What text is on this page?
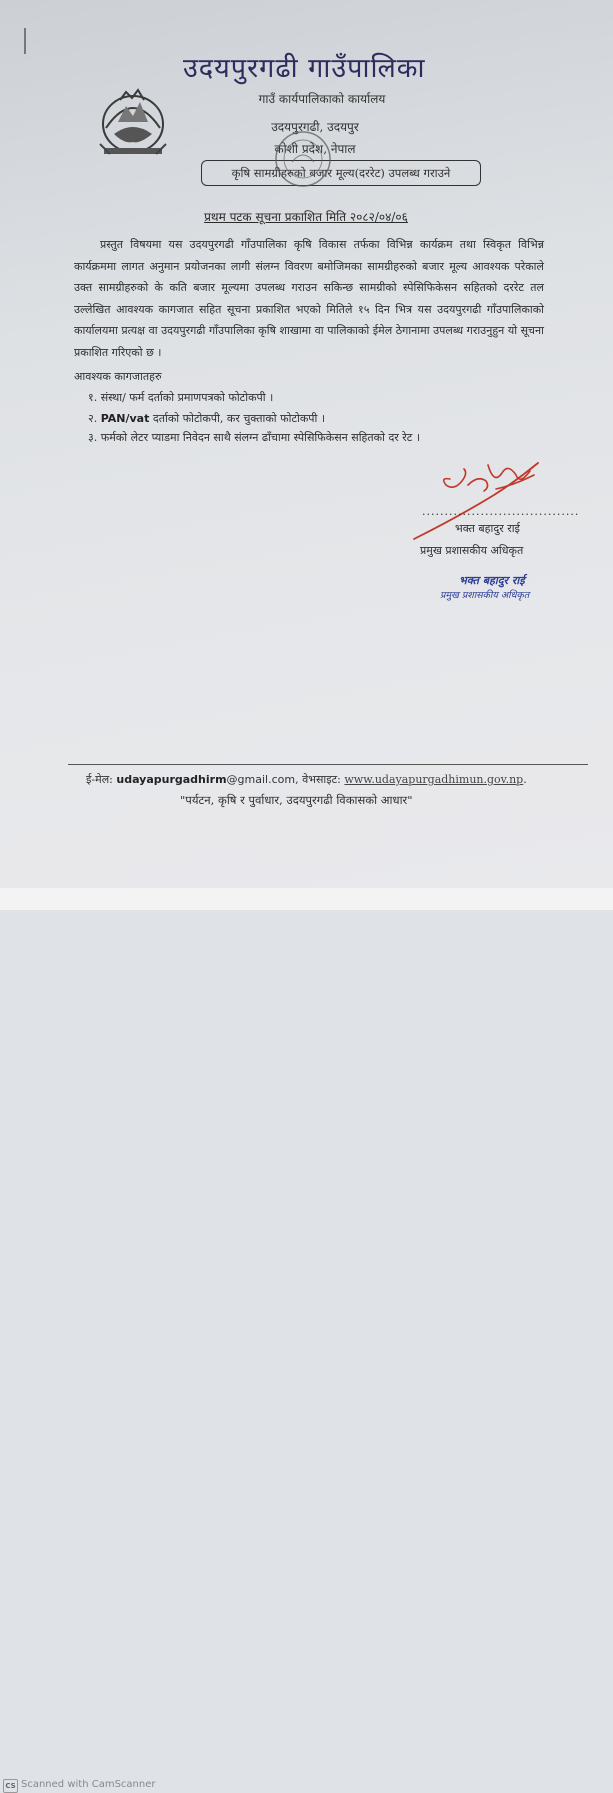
उदयपुरगढी गाउँपालिका
गाउँ कार्यपालिकाको कार्यालय
उदयपुरगढी, उदयपुर
कोशी प्रदेश, नेपाल
कृषि सामग्रीहरुको बजार मूल्य(दररेट) उपलब्ध गराउने
प्रथम पटक सूचना प्रकाशित मिति २०८२/०४/०६
प्रस्तुत विषयमा यस उदयपुरगढी गाँउपालिका कृषि विकास तर्फका विभिन्न कार्यक्रम तथा स्विकृत विभिन्न कार्यक्रममा लागत अनुमान प्रयोजनका लागी संलग्न विवरण बमोजिमका सामग्रीहरुको बजार मूल्य आवश्यक परेकाले उक्त सामग्रीहरुको के कति बजार मूल्यमा उपलब्ध गराउन सकिन्छ सामग्रीको स्पेसिफिकेसन सहितको दररेट तल उल्लेखित आवश्यक कागजात सहित सूचना प्रकाशित भएको मितिले १५ दिन भित्र यस उदयपुरगढी गाँउपालिकाको कार्यालयमा प्रत्यक्ष वा उदयपुरगढी गाँउपालिका कृषि शाखामा वा पालिकाको ईमेल ठेगानामा उपलब्ध गराउनुहुन यो सूचना प्रकाशित गरिएको छ ।
आवश्यक कागजातहरु
१. संस्था/ फर्म दर्ताको प्रमाणपत्रको फोटोकपी ।
२. PAN/vat दर्ताको फोटोकपी, कर चुक्ताको फोटोकपी ।
३. फर्मको लेटर प्याडमा निवेदन साथै संलग्न ढाँचामा स्पेसिफिकेसन सहितको दर रेट ।
...................................
भक्त बहादुर राई
प्रमुख प्रशासकीय अधिकृत
भक्त बहादुर राई
प्रमुख प्रशासकीय अधिकृत
ई-मेल: udayapurgadhirm@gmail.com, वेभसाइट: www.udayapurgadhimun.gov.np.
"पर्यटन, कृषि र पुर्वाधार, उदयपुरगढी विकासको आधार"
CS Scanned with CamScanner
